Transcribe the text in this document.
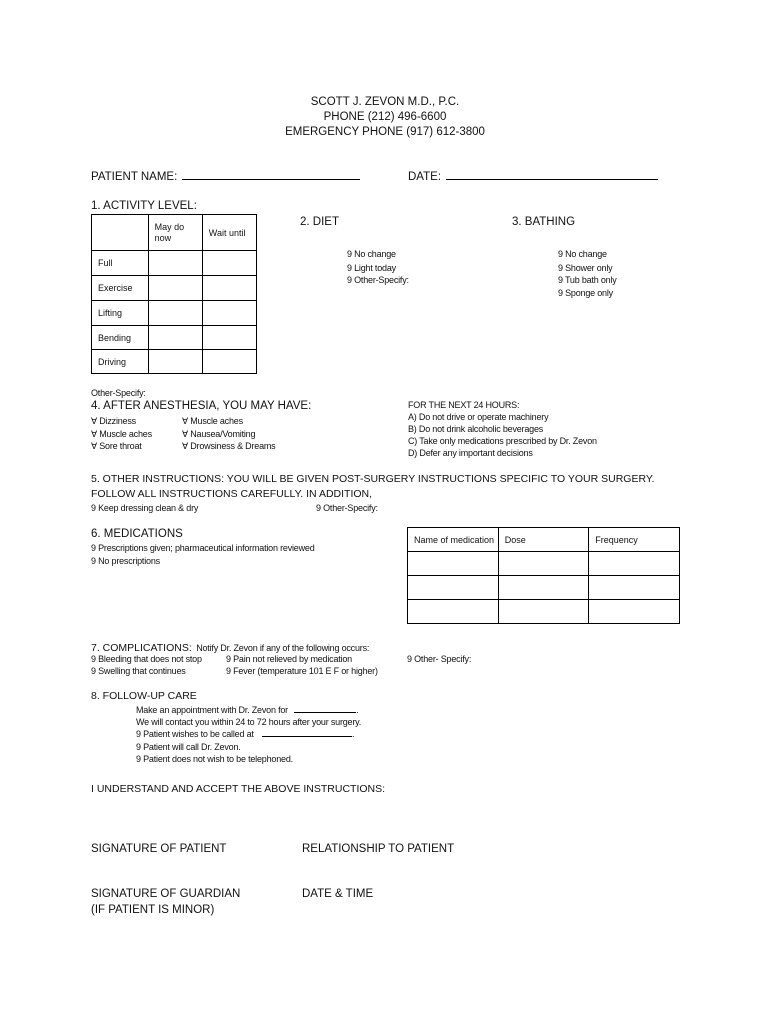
SCOTT J. ZEVON M.D., P.C.
PHONE (212) 496-6600
EMERGENCY PHONE (917) 612-3800
PATIENT NAME:	DATE:
1. ACTIVITY LEVEL:
	May do now	Wait until
Full		
Exercise		
Lifting		
Bending		
Driving		
Other-Specify:
2. DIET
9 No change
9 Light today
9 Other-Specify:
3. BATHING
9 No change
9 Shower only
9 Tub bath only
9 Sponge only
4. AFTER ANESTHESIA, YOU MAY HAVE:
∀ Dizziness
∀ Muscle aches
∀ Sore throat
∀ Muscle aches
∀ Nausea/Vomiting
∀ Drowsiness & Dreams
FOR THE NEXT 24 HOURS:
A) Do not drive or operate machinery
B) Do not drink alcoholic beverages
C) Take only medications prescribed by Dr. Zevon
D) Defer any important decisions
5. OTHER INSTRUCTIONS: YOU WILL BE GIVEN POST-SURGERY INSTRUCTIONS SPECIFIC TO YOUR SURGERY.
FOLLOW ALL INSTRUCTIONS CAREFULLY. IN ADDITION,
9 Keep dressing clean & dry	9 Other-Specify:
6. MEDICATIONS
9 Prescriptions given; pharmaceutical information reviewed
9 No prescriptions
Name of medication	Dose	Frequency

7. COMPLICATIONS: Notify Dr. Zevon if any of the following occurs:
9 Bleeding that does not stop
9 Swelling that continues
9 Pain not relieved by medication
9 Fever (temperature 101 E F or higher)
9 Other- Specify:
8. FOLLOW-UP CARE
Make an appointment with Dr. Zevon for	.
We will contact you within 24 to 72 hours after your surgery.
9 Patient wishes to be called at	.
9 Patient will call Dr. Zevon.
9 Patient does not wish to be telephoned.
I UNDERSTAND AND ACCEPT THE ABOVE INSTRUCTIONS:
SIGNATURE OF PATIENT	RELATIONSHIP TO PATIENT
SIGNATURE OF GUARDIAN
(IF PATIENT IS MINOR)
DATE & TIME
